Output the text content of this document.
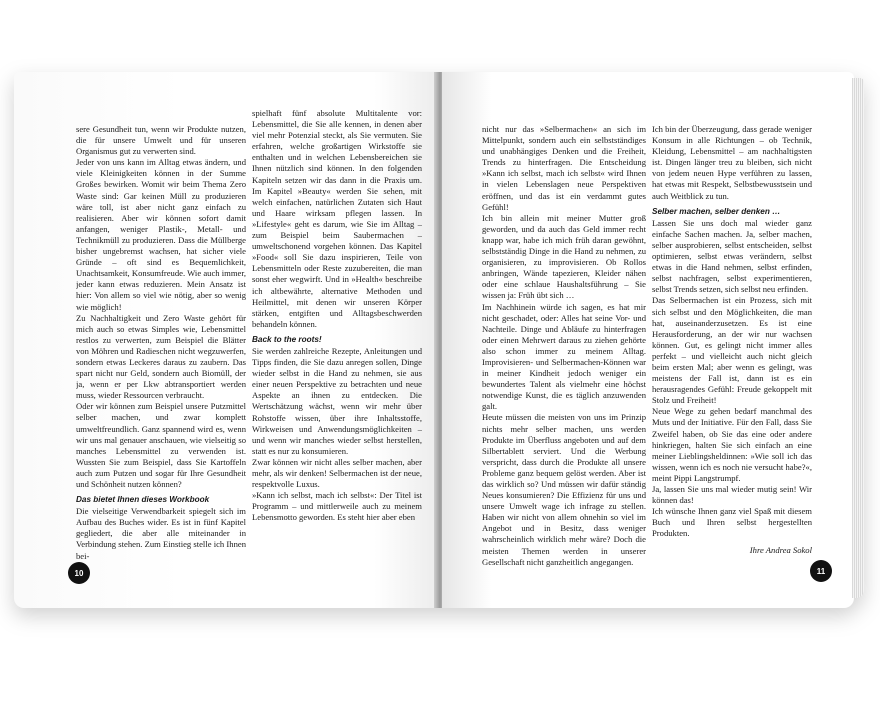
sere Gesundheit tun, wenn wir Produkte nutzen, die für unsere Umwelt und für unseren Organismus gut zu verwerten sind.

Jeder von uns kann im Alltag etwas ändern, und viele Kleinigkeiten können in der Summe Großes bewirken. Womit wir beim Thema Zero Waste sind: Gar keinen Müll zu produzieren wäre toll, ist aber nicht ganz einfach zu realisieren. Aber wir können sofort damit anfangen, weniger Plastik-, Metall- und Technikmüll zu produzieren. Dass die Müllberge bisher ungebremst wachsen, hat sicher viele Gründe – oft sind es Bequemlichkeit, Unachtsamkeit, Konsumfreude. Wie auch immer, jeder kann etwas reduzieren. Mein Ansatz ist hier: Von allem so viel wie nötig, aber so wenig wie möglich!

Zu Nachhaltigkeit und Zero Waste gehört für mich auch so etwas Simples wie, Lebensmittel restlos zu verwerten, zum Beispiel die Blätter von Möhren und Radieschen nicht wegzuwerfen, sondern etwas Leckeres daraus zu zaubern. Das spart nicht nur Geld, sondern auch Biomüll, der ja, wenn er per Lkw abtransportiert werden muss, wieder Ressourcen verbraucht.

Oder wir können zum Beispiel unsere Putzmittel selber machen, und zwar komplett umweltfreundlich. Ganz spannend wird es, wenn wir uns mal genauer anschauen, wie vielseitig so manches Lebensmittel zu verwenden ist. Wussten Sie zum Beispiel, dass Sie Kartoffeln auch zum Putzen und sogar für Ihre Gesundheit und Schönheit nutzen können?

Das bietet Ihnen dieses Workbook

Die vielseitige Verwendbarkeit spiegelt sich im Aufbau des Buches wider. Es ist in fünf Kapitel gegliedert, die aber alle miteinander in Verbindung stehen. Zum Einstieg stelle ich Ihnen bei-

spielhaft fünf absolute Multitalente vor: Lebensmittel, die Sie alle kennen, in denen aber viel mehr Potenzial steckt, als Sie vermuten. Sie erfahren, welche großartigen Wirkstoffe sie enthalten und in welchen Lebensbereichen sie Ihnen nützlich sind können. In den folgenden Kapiteln setzen wir das dann in die Praxis um. Im Kapitel »Beauty« werden Sie sehen, mit welch einfachen, natürlichen Zutaten sich Haut und Haare wirksam pflegen lassen. In »Lifestyle« geht es darum, wie Sie im Alltag – zum Beispiel beim Saubermachen – umweltschonend vorgehen können. Das Kapitel »Food« soll Sie dazu inspirieren, Teile von Lebensmitteln oder Reste zuzubereiten, die man sonst eher wegwirft. Und in »Health« beschreibe ich altbewährte, alternative Methoden und Heilmittel, mit denen wir unseren Körper stärken, entgiften und Alltagsbeschwerden behandeln können.

Back to the roots!

Sie werden zahlreiche Rezepte, Anleitungen und Tipps finden, die Sie dazu anregen sollen, Dinge wieder selbst in die Hand zu nehmen, sie aus einer neuen Perspektive zu betrachten und neue Aspekte an ihnen zu entdecken. Die Wertschätzung wächst, wenn wir mehr über Rohstoffe wissen, über ihre Inhaltsstoffe, Wirkweisen und Anwendungsmöglichkeiten – und wenn wir manches wieder selbst herstellen, statt es nur zu konsumieren.

Zwar können wir nicht alles selber machen, aber mehr, als wir denken! Selbermachen ist der neue, respektvolle Luxus.

»Kann ich selbst, mach ich selbst«: Der Titel ist Programm – und mittlerweile auch zu meinem Lebensmotto geworden. Es steht hier aber eben

10

nicht nur das »Selbermachen« an sich im Mittelpunkt, sondern auch ein selbstständiges und unabhängiges Denken und die Freiheit, Trends zu hinterfragen. Die Entscheidung »Kann ich selbst, mach ich selbst« wird Ihnen in vielen Lebenslagen neue Perspektiven eröffnen, und das ist ein verdammt gutes Gefühl!

Ich bin allein mit meiner Mutter groß geworden, und da auch das Geld immer recht knapp war, habe ich mich früh daran gewöhnt, selbstständig Dinge in die Hand zu nehmen, zu organisieren, zu improvisieren. Ob Rollos anbringen, Wände tapezieren, Kleider nähen oder eine schlaue Haushaltsführung – Sie wissen ja: Früh übt sich …

Im Nachhinein würde ich sagen, es hat mir nicht geschadet, oder: Alles hat seine Vor- und Nachteile. Dinge und Abläufe zu hinterfragen oder einen Mehrwert daraus zu ziehen gehörte also schon immer zu meinem Alltag. Improvisieren- und Selbermachen-Können war in meiner Kindheit jedoch weniger ein bewundertes Talent als vielmehr eine höchst notwendige Kunst, die es täglich anzuwenden galt.

Heute müssen die meisten von uns im Prinzip nichts mehr selber machen, uns werden Produkte im Überfluss angeboten und auf dem Silbertablett serviert. Und die Werbung verspricht, dass durch die Produkte all unsere Probleme ganz bequem gelöst werden. Aber ist das wirklich so? Und müssen wir dafür ständig Neues konsumieren? Die Effizienz für uns und unsere Umwelt wage ich infrage zu stellen. Haben wir nicht von allem ohnehin so viel im Angebot und in Besitz, dass weniger wahrscheinlich wirklich mehr wäre? Doch die meisten Themen werden in unserer Gesellschaft nicht ganzheitlich angegangen.

Ich bin der Überzeugung, dass gerade weniger Konsum in alle Richtungen – ob Technik, Kleidung, Lebensmittel – am nachhaltigsten ist. Dingen länger treu zu bleiben, sich nicht von jedem neuen Hype verführen zu lassen, hat etwas mit Respekt, Selbstbewusstsein und auch Weitblick zu tun.

Selber machen, selber denken …

Lassen Sie uns doch mal wieder ganz einfache Sachen machen. Ja, selber machen, selber ausprobieren, selbst entscheiden, selbst optimieren, selbst etwas verändern, selbst etwas in die Hand nehmen, selbst erfinden, selbst nachfragen, selbst experimentieren, selbst Trends setzen, sich selbst neu erfinden.

Das Selbermachen ist ein Prozess, sich mit sich selbst und den Möglichkeiten, die man hat, auseinanderzusetzen. Es ist eine Herausforderung, an der wir nur wachsen können. Gut, es gelingt nicht immer alles perfekt – und vielleicht auch nicht gleich beim ersten Mal; aber wenn es gelingt, was meistens der Fall ist, dann ist es ein herausragendes Gefühl: Freude gekoppelt mit Stolz und Freiheit!

Neue Wege zu gehen bedarf manchmal des Muts und der Initiative. Für den Fall, dass Sie Zweifel haben, ob Sie das eine oder andere hinkriegen, halten Sie sich einfach an eine meiner Lieblingsheldinnen: »Wie soll ich das wissen, wenn ich es noch nie versucht habe?«, meint Pippi Langstrumpf.

Ja, lassen Sie uns mal wieder mutig sein! Wir können das!

Ich wünsche Ihnen ganz viel Spaß mit diesem Buch und Ihren selbst hergestellten Produkten.

Ihre Andrea Sokol

11
